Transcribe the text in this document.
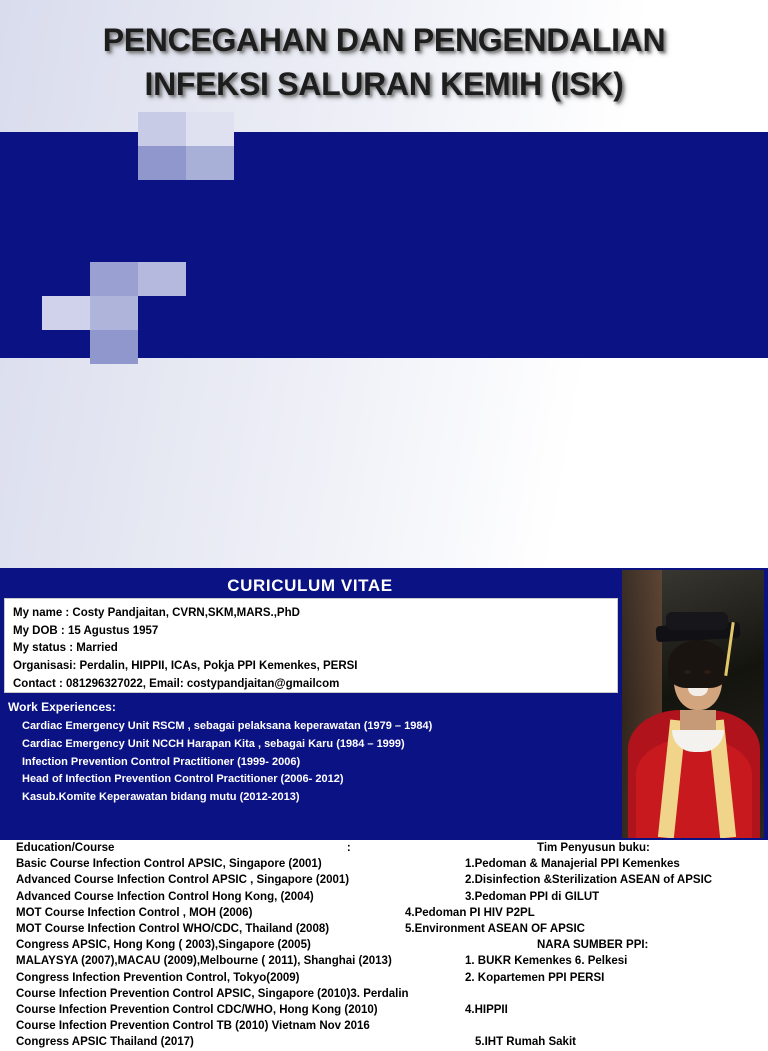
PENCEGAHAN DAN PENGENDALIAN
INFEKSI SALURAN KEMIH (ISK)
CURICULUM VITAE
My name : Costy Pandjaitan, CVRN,SKM,MARS.,PhD
My DOB : 15 Agustus 1957
My status : Married
Organisasi: Perdalin, HIPPII, ICAs, Pokja PPI Kemenkes, PERSI
Contact : 081296327022, Email: costypandjaitan@gmailcom
Work Experiences:
Cardiac Emergency Unit RSCM , sebagai pelaksana keperawatan (1979 – 1984)
Cardiac Emergency Unit NCCH Harapan Kita , sebagai Karu (1984 – 1999)
Infection Prevention Control Practitioner (1999- 2006)
Head of Infection Prevention Control Practitioner (2006- 2012)
Kasub.Komite Keperawatan bidang mutu (2012-2013)
Education/Course	:
Basic Course Infection Control APSIC, Singapore (2001)
Advanced Course Infection Control APSIC , Singapore (2001)
Advanced Course Infection Control Hong Kong, (2004)
MOT Course Infection Control , MOH (2006)
MOT Course Infection Control WHO/CDC, Thailand (2008)
Congress APSIC, Hong Kong ( 2003),Singapore (2005)
MALAYSYA (2007),MACAU (2009),Melbourne ( 2011), Shanghai (2013)
Congress Infection Prevention Control, Tokyo(2009)
Course Infection Prevention Control APSIC, Singapore (2010)3. Perdalin
Course Infection Prevention Control CDC/WHO, Hong Kong (2010)
Course Infection Prevention Control TB (2010) Vietnam Nov 2016
Congress APSIC Thailand (2017)
Tim Penyusun buku:
1.Pedoman & Manajerial PPI Kemenkes
2.Disinfection &Sterilization ASEAN of APSIC
3.Pedoman PPI di GILUT
4.Pedoman PI HIV P2PL
5.Environment ASEAN OF APSIC
NARA SUMBER PPI:
1. BUKR Kemenkes 6. Pelkesi
2. Kopartemen PPI PERSI
4.HIPPII
5.IHT Rumah Sakit
